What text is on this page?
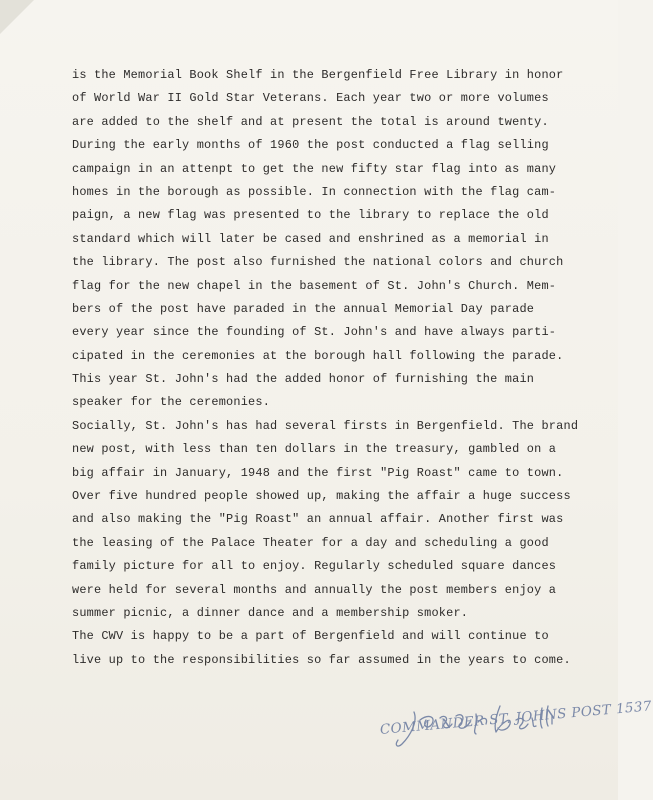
is the Memorial Book Shelf in the Bergenfield Free Library in honor
of World War II Gold Star Veterans. Each year two or more volumes
are added to the shelf and at present the total is around twenty.
During the early months of 1960 the post conducted a flag selling
campaign in an attenpt to get the new fifty star flag into as many
homes in the borough as possible. In connection with the flag cam-
paign, a new flag was presented to the library to replace the old
standard which will later be cased and enshrined as a memorial in
the library. The post also furnished the national colors and church
flag for the new chapel in the basement of St. John's Church. Mem-
bers of the post have paraded in the annual Memorial Day parade
every year since the founding of St. John's and have always parti-
cipated in the ceremonies at the borough hall following the parade.
This year St. John's had the added honor of furnishing the main
speaker for the ceremonies.
Socially, St. John's has had several firsts in Bergenfield. The brand
new post, with less than ten dollars in the treasury, gambled on a
big affair in January, 1948 and the first "Pig Roast" came to town.
Over five hundred people showed up, making the affair a huge success
and also making the "Pig Roast" an annual affair. Another first was
the leasing of the Palace Theater for a day and scheduling a good
family picture for all to enjoy. Regularly scheduled square dances
were held for several months and annually the post members enjoy a
summer picnic, a dinner dance and a membership smoker.
The CWV is happy to be a part of Bergenfield and will continue to
live up to the responsibilities so far assumed in the years to come.
COMMANDER ST. JOHNS POST 1537
